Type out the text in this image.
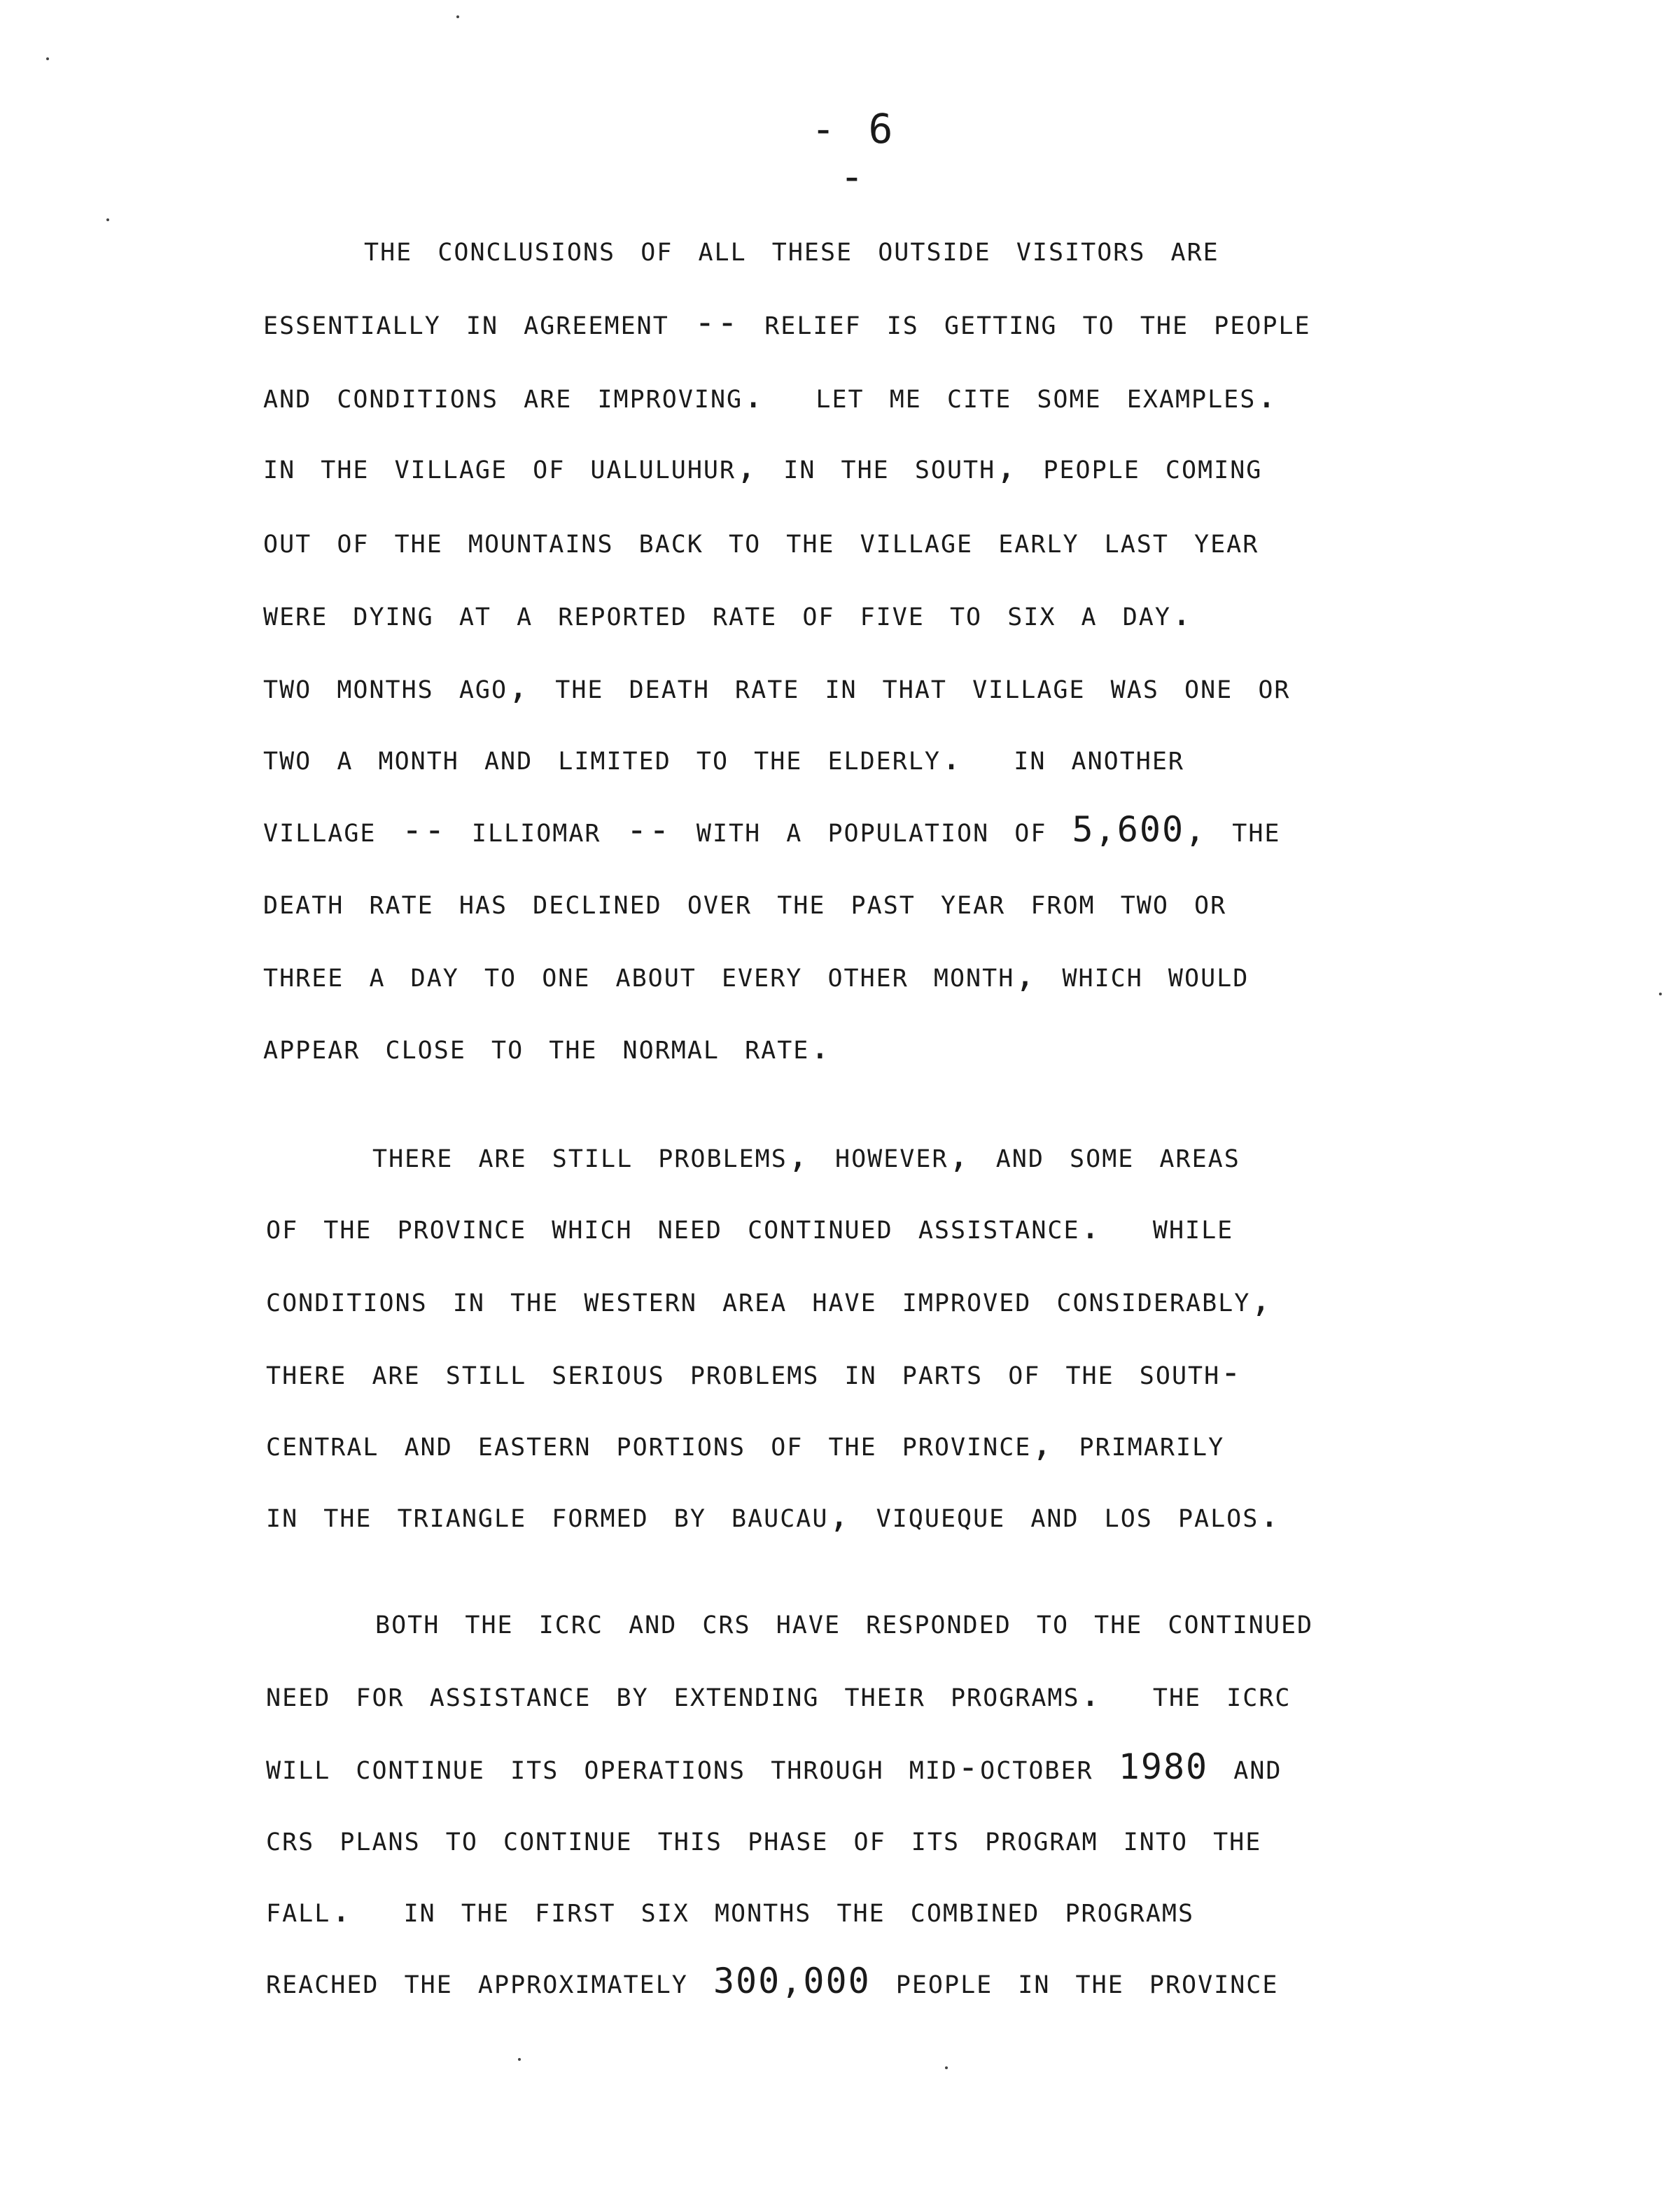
- 6 -
the conclusions of all these outside visitors are
essentially in agreement -- relief is getting to the people
and conditions are improving.  let me cite some examples.
in the village of ualuluhur, in the south, people coming
out of the mountains back to the village early last year
were dying at a reported rate of five to six a day.
two months ago, the death rate in that village was one or
two a month and limited to the elderly.  in another
village -- illiomar -- with a population of 5,600, the
death rate has declined over the past year from two or
three a day to one about every other month, which would
appear close to the normal rate.
there are still problems, however, and some areas
of the province which need continued assistance.  while
conditions in the western area have improved considerably,
there are still serious problems in parts of the south-
central and eastern portions of the province, primarily
in the triangle formed by baucau, viqueque and los palos.
both the icrc and crs have responded to the continued
need for assistance by extending their programs.  the icrc
will continue its operations through mid-october 1980 and
crs plans to continue this phase of its program into the
fall.  in the first six months the combined programs
reached the approximately 300,000 people in the province
